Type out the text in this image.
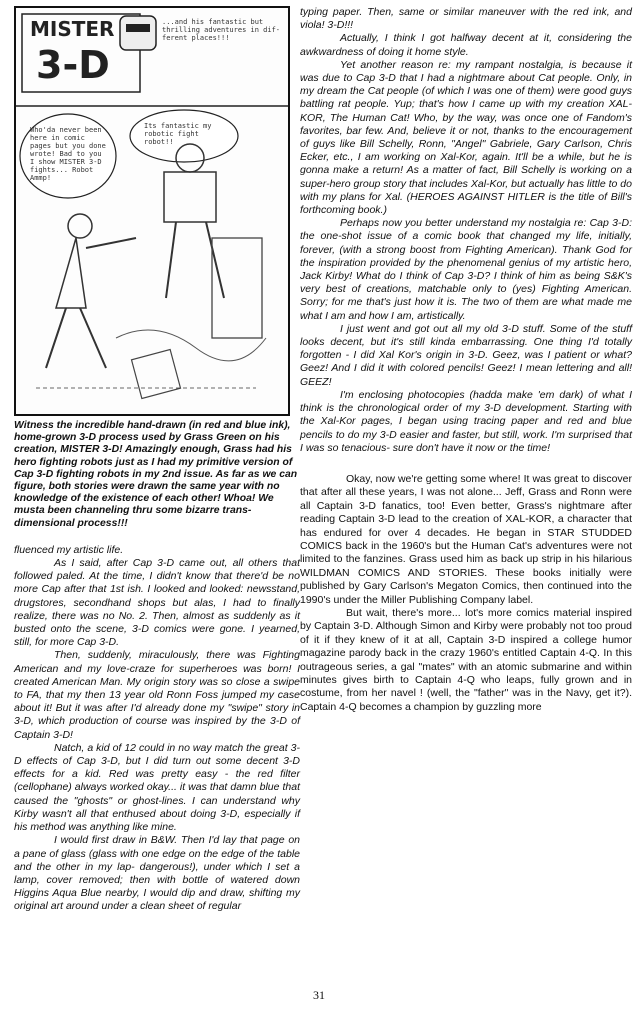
MISTER
3-D
...and his fantastic but thrilling adventures in dif- ferent places!!!
Who'da never been here in comic pages but you done wrote! Bad to you I show MISTER 3-D fights... Robot Ammp!
Its fantastic my robotic fight robot!!

Witness the incredible hand-drawn (in red and blue ink), home-grown 3-D process used by Grass Green on his creation, MISTER 3-D! Amazingly enough, Grass had his hero fighting robots just as I had my primitive version of Cap 3-D fighting robots in my 2nd issue. As far as we can figure, both stories were drawn the same year with no knowledge of the existence of each other! Whoa! We musta been channeling thru some bizarre trans-dimensional process!!!

fluenced my artistic life.

As I said, after Cap 3-D came out, all others that followed paled. At the time, I didn't know that there'd be no more Cap after that 1st ish. I looked and looked: newsstand, drugstores, secondhand shops but alas, I had to finally realize, there was no No. 2. Then, almost as suddenly as it busted onto the scene, 3-D comics were gone. I yearned, still, for more Cap 3-D.

Then, suddenly, miraculously, there was Fighting American and my love-craze for superheroes was born! I created American Man. My origin story was so close a swipe to FA, that my then 13 year old Ronn Foss jumped my case about it! But it was after I'd already done my "swipe" story in 3-D, which production of course was inspired by the 3-D of Captain 3-D!

Natch, a kid of 12 could in no way match the great 3-D effects of Cap 3-D, but I did turn out some decent 3-D effects for a kid. Red was pretty easy - the red filter (cellophane) always worked okay... it was that damn blue that caused the "ghosts" or ghost-lines. I can understand why Kirby wasn't all that enthused about doing 3-D, especially if his method was anything like mine.

I would first draw in B&W. Then I'd lay that page on a pane of glass (glass with one edge on the edge of the table and the other in my lap- dangerous!), under which I set a lamp, cover removed; then with bottle of watered down Higgins Aqua Blue nearby, I would dip and draw, shifting my original art around under a clean sheet of regular

typing paper. Then, same or similar maneuver with the red ink, and viola! 3-D!!!

Actually, I think I got halfway decent at it, considering the awkwardness of doing it home style.

Yet another reason re: my rampant nostalgia, is because it was due to Cap 3-D that I had a nightmare about Cat people. Only, in my dream the Cat people (of which I was one of them) were good guys battling rat people. Yup; that's how I came up with my creation XAL-KOR, The Human Cat! Who, by the way, was once one of Fandom's favorites, bar few. And, believe it or not, thanks to the encouragement of guys like Bill Schelly, Ronn, "Angel" Gabriele, Gary Carlson, Chris Ecker, etc., I am working on Xal-Kor, again. It'll be a while, but he is gonna make a return! As a matter of fact, Bill Schelly is working on a super-hero group story that includes Xal-Kor, but actually has little to do with my plans for Xal. (HEROES AGAINST HITLER is the title of Bill's forthcoming book.)

Perhaps now you better understand my nostalgia re: Cap 3-D: the one-shot issue of a comic book that changed my life, initially, forever, (with a strong boost from Fighting American). Thank God for the inspiration provided by the phenomenal genius of my artistic hero, Jack Kirby! What do I think of Cap 3-D? I think of him as being S&K's very best of creations, matchable only to (yes) Fighting American. Sorry; for me that's just how it is. The two of them are what made me what I am and how I am, artistically.

I just went and got out all my old 3-D stuff. Some of the stuff looks decent, but it's still kinda embarrassing. One thing I'd totally forgotten - I did Xal Kor's origin in 3-D. Geez, was I patient or what? Geez! And I did it with colored pencils! Geez! I mean lettering and all! GEEZ!

I'm enclosing photocopies (hadda make 'em dark) of what I think is the chronological order of my 3-D development. Starting with the Xal-Kor pages, I began using tracing paper and red and blue pencils to do my 3-D easier and faster, but still, work. I'm surprised that I was so tenacious- sure don't have it now or the time!

Okay, now we're getting some where! It was great to discover that after all these years, I was not alone... Jeff, Grass and Ronn were all Captain 3-D fanatics, too! Even better, Grass's nightmare after reading Captain 3-D lead to the creation of XAL-KOR, a character that has endured for over 4 decades. He began in STAR STUDDED COMICS back in the 1960's but the Human Cat's adventures were not limited to the fanzines. Grass used him as back up strip in his hilarious WILDMAN COMICS AND STORIES. These books initially were published by Gary Carlson's Megaton Comics, then continued into the 1990's under the Miller Publishing Company label.

But wait, there's more... lot's more comics material inspired by Captain 3-D. Although Simon and Kirby were probably not too proud of it if they knew of it at all, Captain 3-D inspired a college humor magazine parody back in the crazy 1960's entitled Captain 4-Q. In this outrageous series, a gal "mates" with an atomic submarine and within minutes gives birth to Captain 4-Q who leaps, fully grown and in costume, from her navel ! (well, the "father" was in the Navy, get it?). Captain 4-Q becomes a champion by guzzling more

31
